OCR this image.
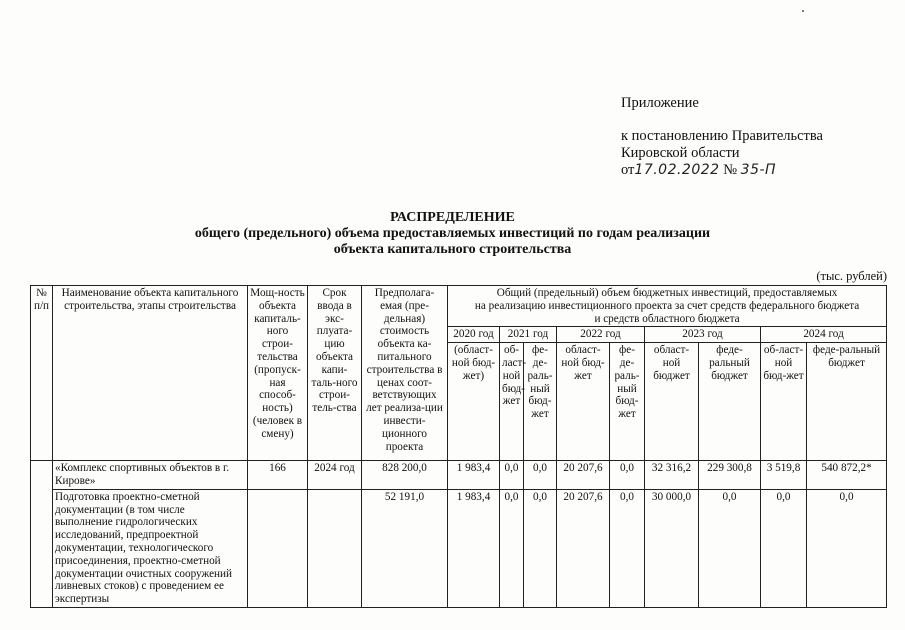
Приложение
к постановлению Правительства
Кировской области
от17.02.2022 № 35-П
РАСПРЕДЕЛЕНИЕ
общего (предельного) объема предоставляемых инвестиций по годам реализации
объекта капитального строительства
(тыс. рублей)
№ п/п	Наименование объекта капитального строительства, этапы строительства	Мощ-ность объекта капиталь-ного строи-тельства (пропуск-ная способ-ность) (человек в смену)	Срок ввода в экс-плуата-цию объекта капи-таль-ного строи-тель-ства	Предполага-емая (пре-дельная) стоимость объекта ка-питального строительства в ценах соот-ветствующих лет реализа-ции инвести-ционного проекта	Общий (предельный) объем бюджетных инвестиций, предоставляемых
на реализацию инвестиционного проекта за счет средств федерального бюджета
и средств областного бюджета								

					2020 год	2021 год		2022 год		2023 год		2024 год	
					(област-ной бюд-жет)	об-ласт-ной бюд-жет	фе-де-раль-ный бюд-жет	област-ной бюд-жет	фе-де-раль-ный бюд-жет	област-ной бюджет	феде-ральный бюджет	об-ласт-ной бюд-жет	феде-ральный бюджет
	«Комплекс спортивных объектов в г. Кирове»	166	2024 год	828 200,0	1 983,4	0,0	0,0	20 207,6	0,0	32 316,2	229 300,8	3 519,8	540 872,2*
	Подготовка проектно-сметной документации (в том числе выполнение гидрологических исследований, предпроектной документации, технологического присоединения, проектно-сметной документации очистных сооружений ливневых стоков) с проведением ее экспертизы			52 191,0	1 983,4	0,0	0,0	20 207,6	0,0	30 000,0	0,0	0,0	0,0
